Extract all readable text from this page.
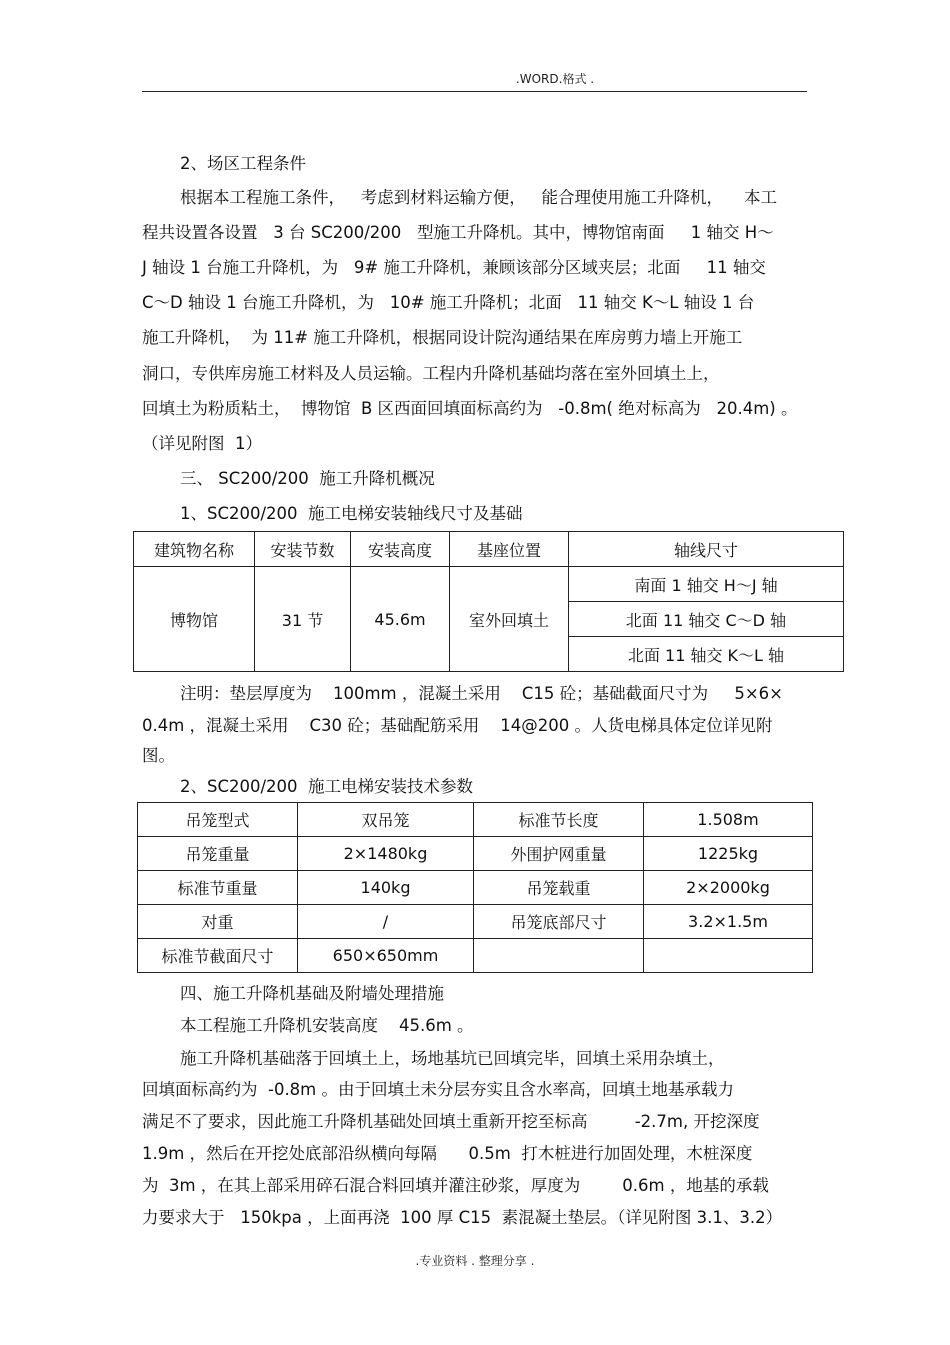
.WORD.格式 .
2、场区工程条件
根据本工程施工条件，   考虑到材料运输方便，   能合理使用施工升降机，    本工
程共设置各设置   3 台 SC200/200   型施工升降机。其中，博物馆南面     1 轴交 H～
J 轴设 1 台施工升降机，为   9# 施工升降机，兼顾该部分区域夹层；北面     11 轴交
C～D 轴设 1 台施工升降机，为   10# 施工升降机；北面   11 轴交 K～L 轴设 1 台
施工升降机，  为 11# 施工升降机，根据同设计院沟通结果在库房剪力墙上开施工
洞口，专供库房施工材料及人员运输。工程内升降机基础均落在室外回填土上，
回填土为粉质粘土，  博物馆  B 区西面回填面标高约为   -0.8m( 绝对标高为   20.4m) 。
（详见附图  1）
三、 SC200/200  施工升降机概况
1、SC200/200  施工电梯安装轴线尺寸及基础
建筑物名称	安装节数	安装高度	基座位置	轴线尺寸
博物馆	31 节	45.6m	室外回填土	南面 1 轴交 H～J 轴
				北面 11 轴交 C～D 轴
				北面 11 轴交 K～L 轴
注明：垫层厚度为    100mm ，混凝土采用    C15 砼；基础截面尺寸为     5×6×
0.4m ，混凝土采用    C30 砼；基础配筋采用    14@200 。人货电梯具体定位详见附
图。
2、SC200/200  施工电梯安装技术参数
吊笼型式	双吊笼	标准节长度	1.508m
吊笼重量	2×1480kg	外围护网重量	1225kg
标准节重量	140kg	吊笼载重	2×2000kg
对重	/	吊笼底部尺寸	3.2×1.5m
标准节截面尺寸	650×650mm		
四、施工升降机基础及附墙处理措施
本工程施工升降机安装高度    45.6m 。
施工升降机基础落于回填土上，场地基坑已回填完毕，回填土采用杂填土，
回填面标高约为  -0.8m 。由于回填土未分层夯实且含水率高，回填土地基承载力
满足不了要求，因此施工升降机基础处回填土重新开挖至标高         -2.7m, 开挖深度
1.9m ，然后在开挖处底部沿纵横向每隔      0.5m  打木桩进行加固处理，木桩深度
为  3m ，在其上部采用碎石混合料回填并灌注砂浆，厚度为        0.6m ，地基的承载
力要求大于   150kpa ，上面再浇  100 厚 C15  素混凝土垫层。（详见附图 3.1、3.2）
.专业资料 . 整理分享 .
